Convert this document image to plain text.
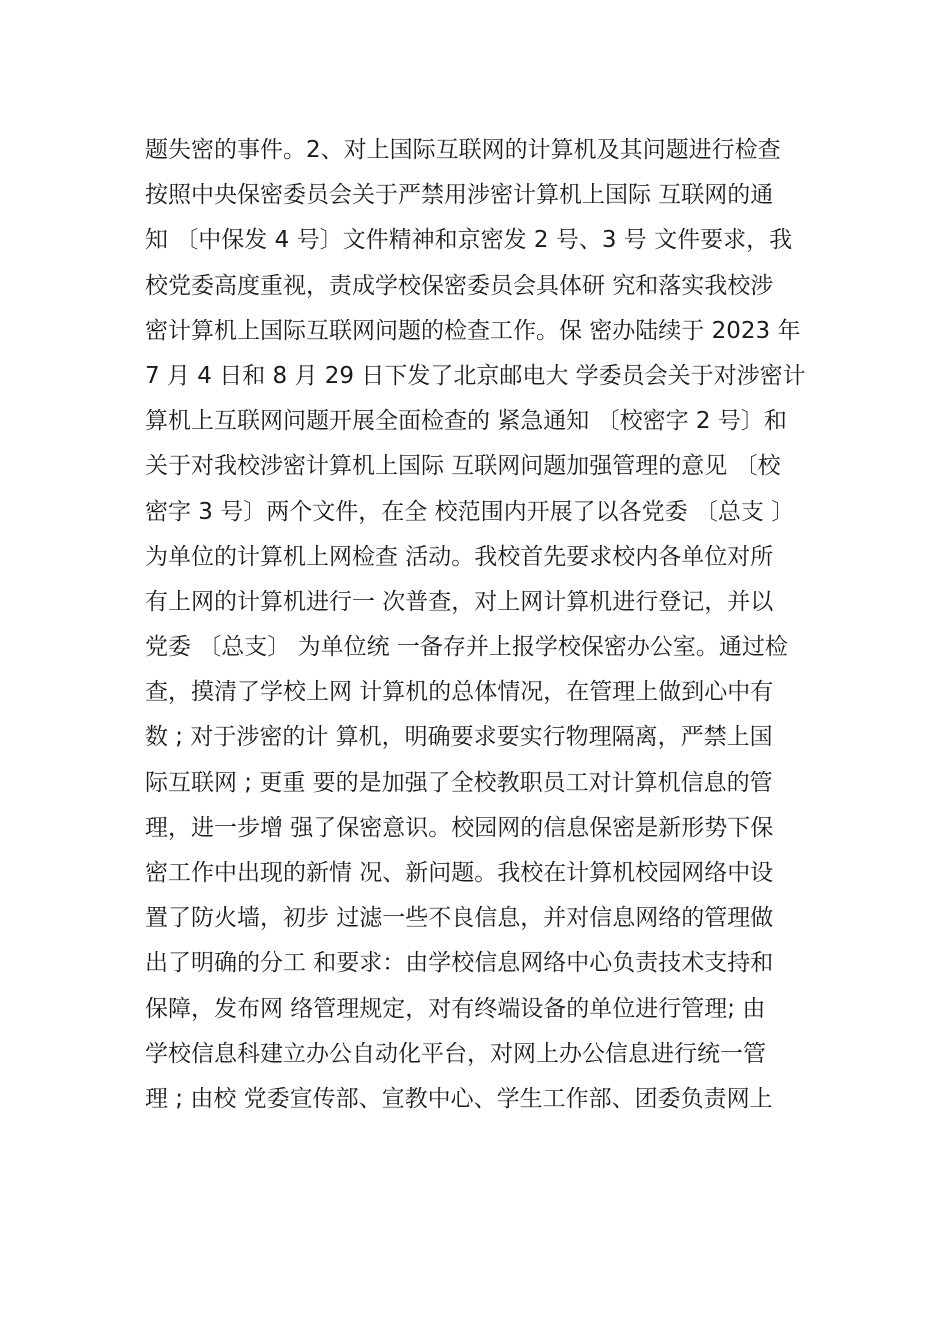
题失密的事件。2、对上国际互联网的计算机及其问题进行检查
按照中央保密委员会关于严禁用涉密计算机上国际 互联网的通
知 〔中保发 4 号〕文件精神和京密发 2 号、3 号 文件要求，我
校党委高度重视，责成学校保密委员会具体研 究和落实我校涉
密计算机上国际互联网问题的检查工作。保 密办陆续于 2023 年
7 月 4 日和 8 月 29 日下发了北京邮电大 学委员会关于对涉密计
算机上互联网问题开展全面检查的 紧急通知 〔校密字 2 号〕和
关于对我校涉密计算机上国际 互联网问题加强管理的意见 〔校
密字 3 号〕两个文件，在全 校范围内开展了以各党委 〔总支 〕
为单位的计算机上网检查 活动。我校首先要求校内各单位对所
有上网的计算机进行一 次普查，对上网计算机进行登记，并以
党委 〔总支〕 为单位统 一备存并上报学校保密办公室。通过检
查，摸清了学校上网 计算机的总体情况，在管理上做到心中有
数 ; 对于涉密的计 算机，明确要求要实行物理隔离，严禁上国
际互联网 ; 更重 要的是加强了全校教职员工对计算机信息的管
理，进一步增 强了保密意识。校园网的信息保密是新形势下保
密工作中出现的新情 况、新问题。我校在计算机校园网络中设
置了防火墙，初步 过滤一些不良信息，并对信息网络的管理做
出了明确的分工 和要求：由学校信息网络中心负责技术支持和
保障，发布网 络管理规定，对有终端设备的单位进行管理; 由
学校信息科建立办公自动化平台，对网上办公信息进行统一管
理 ; 由校 党委宣传部、宣教中心、学生工作部、团委负责网上
